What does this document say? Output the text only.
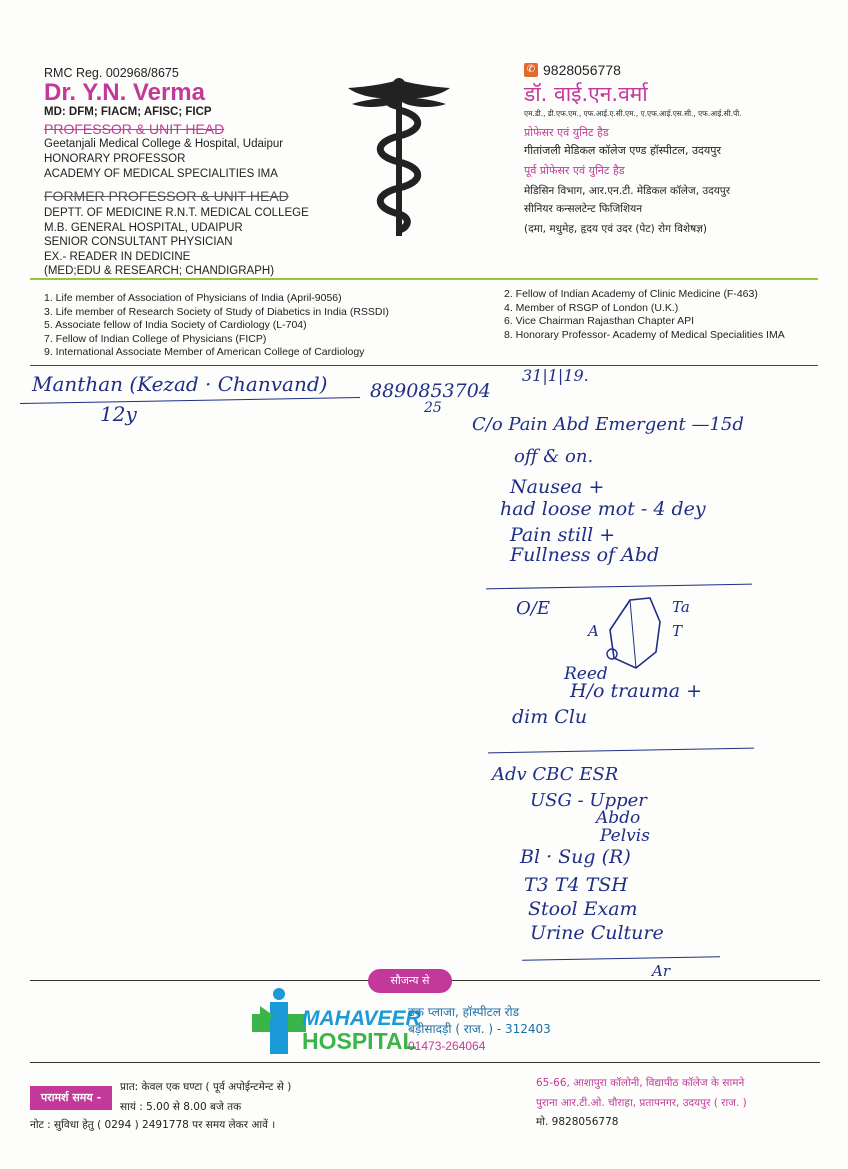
RMC Reg. 002968/8675
Dr. Y.N. Verma
MD: DFM; FIACM; AFISC; FICP
PROFESSOR & UNIT HEAD
Geetanjali Medical College & Hospital, Udaipur
HONORARY PROFESSOR
ACADEMY OF MEDICAL SPECIALITIES IMA
FORMER PROFESSOR & UNIT HEAD
DEPTT. OF MEDICINE R.N.T. MEDICAL COLLEGE
M.B. GENERAL HOSPITAL, UDAIPUR
SENIOR CONSULTANT PHYSICIAN
EX.- READER IN DEDICINE
(MED;EDU & RESEARCH; CHANDIGRAPH)
✆ 9828056778
डॉ. वाई.एन.वर्मा
एम.डी., डी.एफ.एम., एफ.आई.ए.सी.एम., ए.एफ.आई.एस.सी., एफ.आई.सी.पी.
प्रोफेसर एवं युनिट हैड
गीतांजली मेडिकल कॉलेज एण्ड हॉस्पीटल, उदयपुर
पूर्व प्रोफेसर एवं युनिट हैड
मेडिसिन विभाग, आर.एन.टी. मेडिकल कॉलेज, उदयपुर
सीनियर कन्सलटेन्ट फिजिशियन
(दमा, मधुमेह, हृदय एवं उदर (पेट) रोग विशेषज्ञ)
1. Life member of Association of Physicians of India (April-9056)
3. Life member of Research Society of Study of Diabetics in India (RSSDI)
5. Associate fellow of India Society of Cardiology (L-704)
7. Fellow of Indian College of Physicians (FICP)
9. International Associate Member of American College of Cardiology
2. Fellow of Indian Academy of Clinic Medicine (F-463)
4. Member of RSGP of London (U.K.)
6. Vice Chairman Rajasthan Chapter API
8. Honorary Professor- Academy of Medical Specialities IMA
Manthan (Kezad · Chanvand)
12y
8890853704
25
31|1|19.
C/o Pain Abd Emergent —15d
off & on.
Nausea +
had loose mot - 4 dey
Pain still +
Fullness of Abd
O/E	Ta
A	T
Reed
H/o trauma +
dim Clu
Adv CBC ESR
USG - Upper
Abdo
Pelvis
Bl · Sug (R)
T3 T4 TSH
Stool Exam
Urine Culture
Ar
सौजन्य से
MAHAVEER
HOSPITAL
ढक प्लाजा, हॉस्पीटल रोड
बड़ीसादड़ी ( राज. ) - 312403
01473-264064
परामर्श समय -
प्रात: केवल एक घण्टा ( पूर्व अपोईन्टमेन्ट से )
सायं : 5.00 से 8.00 बजे तक
नोट : सुविधा हेतु ( 0294 ) 2491778 पर समय लेकर आवें ।
65-66, आशापुरा कॉलोनी, विद्यापीठ कॉलेज के सामने
पुराना आर.टी.ओ. चौराहा, प्रतापनगर, उदयपुर ( राज. )
मो. 9828056778
